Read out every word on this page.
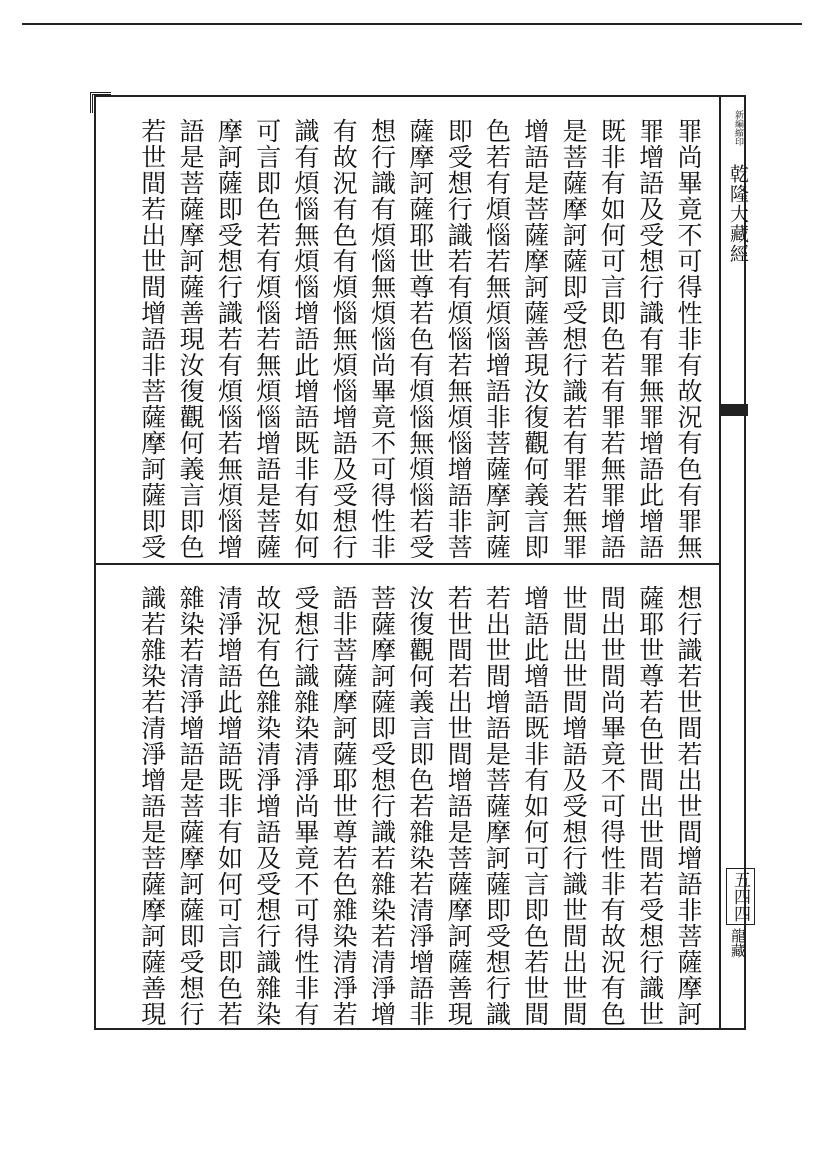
新編縮印 乾隆大藏經
五四四
龍藏
罪尚畢竟不可得性非有故況有色有罪無
罪增語及受想行識有罪無罪增語此增語
既非有如何可言即色若有罪若無罪增語
是菩薩摩訶薩即受想行識若有罪若無罪
增語是菩薩摩訶薩善現汝復觀何義言即
色若有煩惱若無煩惱增語非菩薩摩訶薩
即受想行識若有煩惱若無煩惱增語非菩
薩摩訶薩耶世尊若色有煩惱無煩惱若受
想行識有煩惱無煩惱尚畢竟不可得性非
有故況有色有煩惱無煩惱增語及受想行
識有煩惱無煩惱增語此增語既非有如何
可言即色若有煩惱若無煩惱增語是菩薩
摩訶薩即受想行識若有煩惱若無煩惱增
語是菩薩摩訶薩善現汝復觀何義言即色
若世間若出世間增語非菩薩摩訶薩即受
想行識若世間若出世間增語非菩薩摩訶
薩耶世尊若色世間出世間若受想行識世
間出世間尚畢竟不可得性非有故況有色
世間出世間增語及受想行識世間出世間
增語此增語既非有如何可言即色若世間
若出世間增語是菩薩摩訶薩即受想行識
若世間若出世間增語是菩薩摩訶薩善現
汝復觀何義言即色若雜染若清淨增語非
菩薩摩訶薩即受想行識若雜染若清淨增
語非菩薩摩訶薩耶世尊若色雜染清淨若
受想行識雜染清淨尚畢竟不可得性非有
故況有色雜染清淨增語及受想行識雜染
清淨增語此增語既非有如何可言即色若
雜染若清淨增語是菩薩摩訶薩即受想行
識若雜染若清淨增語是菩薩摩訶薩善現
